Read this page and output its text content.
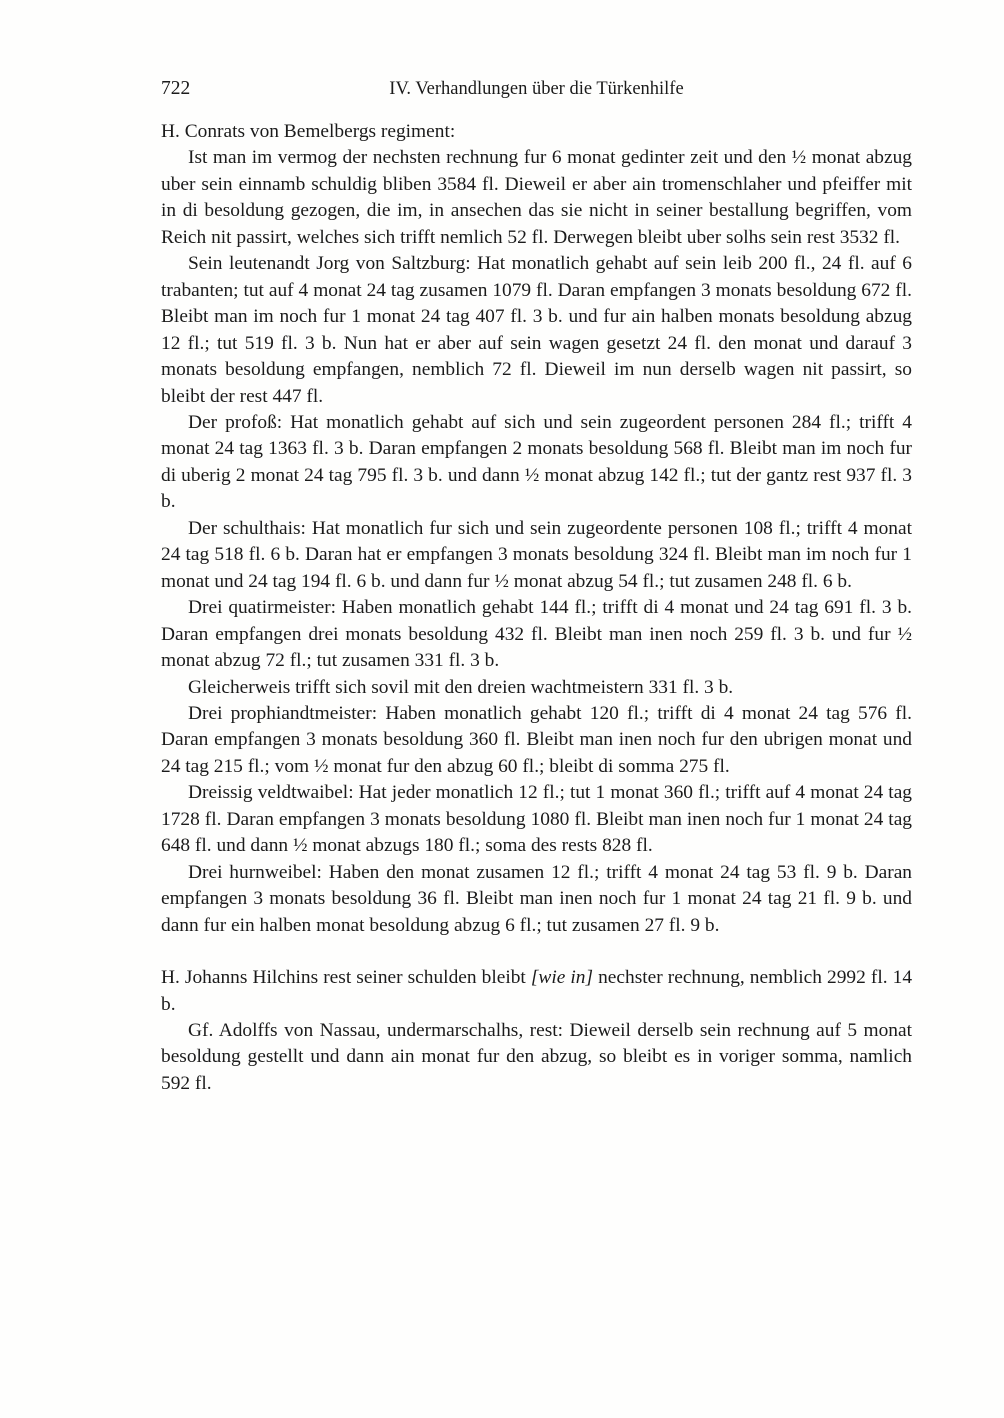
722	IV. Verhandlungen über die Türkenhilfe

H. Conrats von Bemelbergs regiment:

Ist man im vermog der nechsten rechnung fur 6 monat gedinter zeit und den ½ monat abzug uber sein einnamb schuldig bliben 3584 fl. Dieweil er aber ain tromenschlaher und pfeiffer mit in di besoldung gezogen, die im, in ansechen das sie nicht in seiner bestallung begriffen, vom Reich nit passirt, welches sich trifft nemlich 52 fl. Derwegen bleibt uber solhs sein rest 3532 fl.

Sein leutenandt Jorg von Saltzburg: Hat monatlich gehabt auf sein leib 200 fl., 24 fl. auf 6 trabanten; tut auf 4 monat 24 tag zusamen 1079 fl. Daran empfangen 3 monats besoldung 672 fl. Bleibt man im noch fur 1 monat 24 tag 407 fl. 3 b. und fur ain halben monats besoldung abzug 12 fl.; tut 519 fl. 3 b. Nun hat er aber auf sein wagen gesetzt 24 fl. den monat und darauf 3 monats besoldung empfangen, nemblich 72 fl. Dieweil im nun derselb wagen nit passirt, so bleibt der rest 447 fl.

Der profoß: Hat monatlich gehabt auf sich und sein zugeordent personen 284 fl.; trifft 4 monat 24 tag 1363 fl. 3 b. Daran empfangen 2 monats besoldung 568 fl. Bleibt man im noch fur di uberig 2 monat 24 tag 795 fl. 3 b. und dann ½ monat abzug 142 fl.; tut der gantz rest 937 fl. 3 b.

Der schulthais: Hat monatlich fur sich und sein zugeordente personen 108 fl.; trifft 4 monat 24 tag 518 fl. 6 b. Daran hat er empfangen 3 monats besoldung 324 fl. Bleibt man im noch fur 1 monat und 24 tag 194 fl. 6 b. und dann fur ½ monat abzug 54 fl.; tut zusamen 248 fl. 6 b.

Drei quatirmeister: Haben monatlich gehabt 144 fl.; trifft di 4 monat und 24 tag 691 fl. 3 b. Daran empfangen drei monats besoldung 432 fl. Bleibt man inen noch 259 fl. 3 b. und fur ½ monat abzug 72 fl.; tut zusamen 331 fl. 3 b.

Gleicherweis trifft sich sovil mit den dreien wachtmeistern 331 fl. 3 b.

Drei prophiandtmeister: Haben monatlich gehabt 120 fl.; trifft di 4 monat 24 tag 576 fl. Daran empfangen 3 monats besoldung 360 fl. Bleibt man inen noch fur den ubrigen monat und 24 tag 215 fl.; vom ½ monat fur den abzug 60 fl.; bleibt di somma 275 fl.

Dreissig veldtwaibel: Hat jeder monatlich 12 fl.; tut 1 monat 360 fl.; trifft auf 4 monat 24 tag 1728 fl. Daran empfangen 3 monats besoldung 1080 fl. Bleibt man inen noch fur 1 monat 24 tag 648 fl. und dann ½ monat abzugs 180 fl.; soma des rests 828 fl.

Drei hurnweibel: Haben den monat zusamen 12 fl.; trifft 4 monat 24 tag 53 fl. 9 b. Daran empfangen 3 monats besoldung 36 fl. Bleibt man inen noch fur 1 monat 24 tag 21 fl. 9 b. und dann fur ein halben monat besoldung abzug 6 fl.; tut zusamen 27 fl. 9 b.

H. Johanns Hilchins rest seiner schulden bleibt [wie in] nechster rechnung, nemblich 2992 fl. 14 b.

Gf. Adolffs von Nassau, undermarschalhs, rest: Dieweil derselb sein rechnung auf 5 monat besoldung gestellt und dann ain monat fur den abzug, so bleibt es in voriger somma, namlich 592 fl.
